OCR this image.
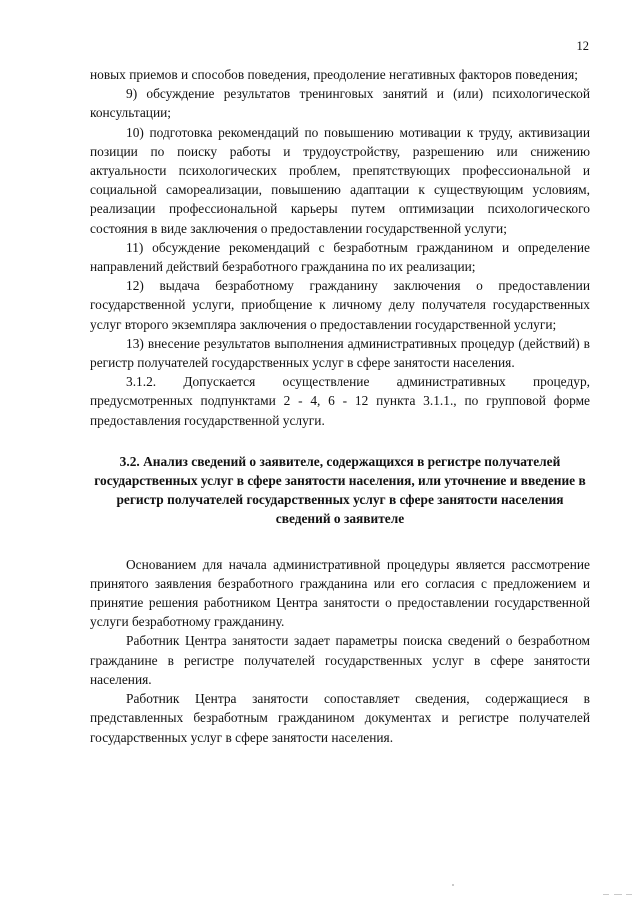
12

новых приемов и способов поведения, преодоление негативных факторов поведения;

9) обсуждение результатов тренинговых занятий и (или) психологической консультации;

10) подготовка рекомендаций по повышению мотивации к труду, активизации позиции по поиску работы и трудоустройству, разрешению или снижению актуальности психологических проблем, препятствующих профессиональной и социальной самореализации, повышению адаптации к существующим условиям, реализации профессиональной карьеры путем оптимизации психологического состояния в виде заключения о предоставлении государственной услуги;

11) обсуждение рекомендаций с безработным гражданином и определение направлений действий безработного гражданина по их реализации;

12) выдача безработному гражданину заключения о предоставлении государственной услуги, приобщение к личному делу получателя государственных услуг второго экземпляра заключения о предоставлении государственной услуги;

13) внесение результатов выполнения административных процедур (действий) в регистр получателей государственных услуг в сфере занятости населения.

3.1.2. Допускается осуществление административных процедур, предусмотренных подпунктами 2 - 4, 6 - 12 пункта 3.1.1., по групповой форме предоставления государственной услуги.

3.2. Анализ сведений о заявителе, содержащихся в регистре получателей государственных услуг в сфере занятости населения, или уточнение и введение в регистр получателей государственных услуг в сфере занятости населения сведений о заявителе

Основанием для начала административной процедуры является рассмотрение принятого заявления безработного гражданина или его согласия с предложением и принятие решения работником Центра занятости о предоставлении государственной услуги безработному гражданину.

Работник Центра занятости задает параметры поиска сведений о безработном гражданине в регистре получателей государственных услуг в сфере занятости населения.

Работник Центра занятости сопоставляет сведения, содержащиеся в представленных безработным гражданином документах и регистре получателей государственных услуг в сфере занятости населения.
